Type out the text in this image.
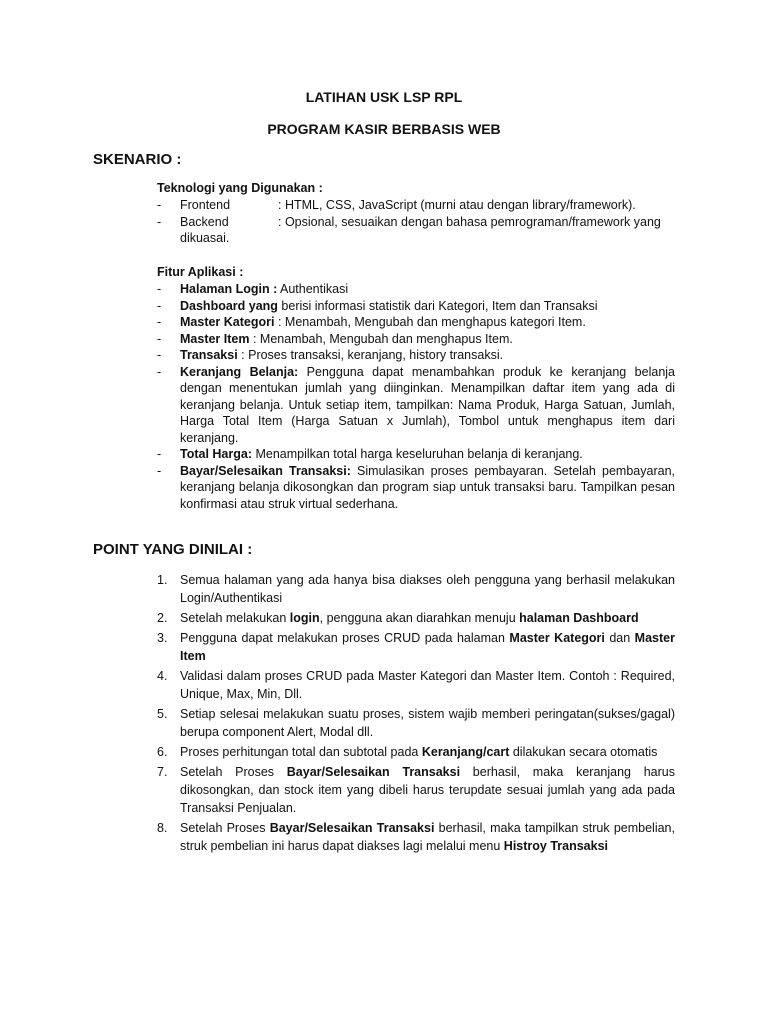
LATIHAN USK LSP RPL
PROGRAM KASIR BERBASIS WEB
SKENARIO :
Teknologi yang Digunakan :
- Frontend	: HTML, CSS, JavaScript (murni atau dengan library/framework).
- Backend	: Opsional, sesuaikan dengan bahasa pemrograman/framework yang
dikuasai.
Fitur Aplikasi :
- Halaman Login : Authentikasi
- Dashboard yang berisi informasi statistik dari Kategori, Item dan Transaksi
- Master Kategori : Menambah, Mengubah dan menghapus kategori Item.
- Master Item : Menambah, Mengubah dan menghapus Item.
- Transaksi : Proses transaksi, keranjang, history transaksi.
- Keranjang Belanja: Pengguna dapat menambahkan produk ke keranjang belanja dengan menentukan jumlah yang diinginkan. Menampilkan daftar item yang ada di keranjang belanja. Untuk setiap item, tampilkan: Nama Produk, Harga Satuan, Jumlah, Harga Total Item (Harga Satuan x Jumlah), Tombol untuk menghapus item dari keranjang.
- Total Harga: Menampilkan total harga keseluruhan belanja di keranjang.
- Bayar/Selesaikan Transaksi: Simulasikan proses pembayaran. Setelah pembayaran, keranjang belanja dikosongkan dan program siap untuk transaksi baru. Tampilkan pesan konfirmasi atau struk virtual sederhana.
POINT YANG DINILAI :
1. Semua halaman yang ada hanya bisa diakses oleh pengguna yang berhasil melakukan Login/Authentikasi
2. Setelah melakukan login, pengguna akan diarahkan menuju halaman Dashboard
3. Pengguna dapat melakukan proses CRUD pada halaman Master Kategori dan Master Item
4. Validasi dalam proses CRUD pada Master Kategori dan Master Item. Contoh : Required, Unique, Max, Min, Dll.
5. Setiap selesai melakukan suatu proses, sistem wajib memberi peringatan(sukses/gagal) berupa component Alert, Modal dll.
6. Proses perhitungan total dan subtotal pada Keranjang/cart dilakukan secara otomatis
7. Setelah Proses Bayar/Selesaikan Transaksi berhasil, maka keranjang harus dikosongkan, dan stock item yang dibeli harus terupdate sesuai jumlah yang ada pada Transaksi Penjualan.
8. Setelah Proses Bayar/Selesaikan Transaksi berhasil, maka tampilkan struk pembelian, struk pembelian ini harus dapat diakses lagi melalui menu Histroy Transaksi
